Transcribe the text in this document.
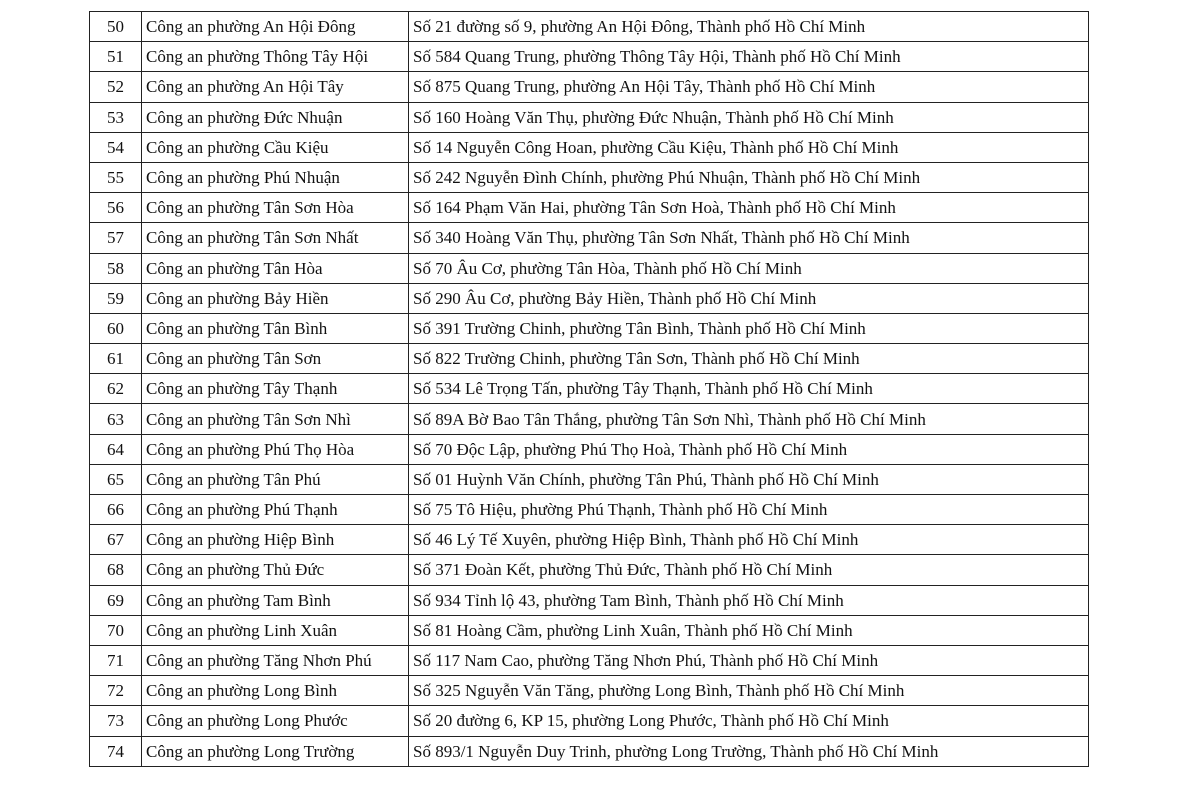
50	Công an phường An Hội Đông	Số 21 đường số 9, phường An Hội Đông, Thành phố Hồ Chí Minh
51	Công an phường Thông Tây Hội	Số 584 Quang Trung, phường Thông Tây Hội, Thành phố Hồ Chí Minh
52	Công an phường An Hội Tây	Số 875 Quang Trung, phường An Hội Tây, Thành phố Hồ Chí Minh
53	Công an phường Đức Nhuận	Số 160 Hoàng Văn Thụ, phường Đức Nhuận, Thành phố Hồ Chí Minh
54	Công an phường Cầu Kiệu	Số 14 Nguyễn Công Hoan, phường Cầu Kiệu, Thành phố Hồ Chí Minh
55	Công an phường Phú Nhuận	Số 242 Nguyễn Đình Chính, phường Phú Nhuận, Thành phố Hồ Chí Minh
56	Công an phường Tân Sơn Hòa	Số 164 Phạm Văn Hai, phường Tân Sơn Hoà, Thành phố Hồ Chí Minh
57	Công an phường Tân Sơn Nhất	Số 340 Hoàng Văn Thụ, phường Tân Sơn Nhất, Thành phố Hồ Chí Minh
58	Công an phường Tân Hòa	Số 70 Âu Cơ, phường Tân Hòa, Thành phố Hồ Chí Minh
59	Công an phường Bảy Hiền	Số 290 Âu Cơ, phường Bảy Hiền, Thành phố Hồ Chí Minh
60	Công an phường Tân Bình	Số 391 Trường Chinh, phường Tân Bình, Thành phố Hồ Chí Minh
61	Công an phường Tân Sơn	Số 822 Trường Chinh, phường Tân Sơn, Thành phố Hồ Chí Minh
62	Công an phường Tây Thạnh	Số 534 Lê Trọng Tấn, phường Tây Thạnh, Thành phố Hồ Chí Minh
63	Công an phường Tân Sơn Nhì	Số 89A Bờ Bao Tân Thắng, phường Tân Sơn Nhì, Thành phố Hồ Chí Minh
64	Công an phường Phú Thọ Hòa	Số 70 Độc Lập, phường Phú Thọ Hoà, Thành phố Hồ Chí Minh
65	Công an phường Tân Phú	Số 01 Huỳnh Văn Chính, phường Tân Phú, Thành phố Hồ Chí Minh
66	Công an phường Phú Thạnh	Số 75 Tô Hiệu, phường Phú Thạnh, Thành phố Hồ Chí Minh
67	Công an phường Hiệp Bình	Số 46 Lý Tế Xuyên, phường Hiệp Bình, Thành phố Hồ Chí Minh
68	Công an phường Thủ Đức	Số 371 Đoàn Kết, phường Thủ Đức, Thành phố Hồ Chí Minh
69	Công an phường Tam Bình	Số 934 Tỉnh lộ 43, phường Tam Bình, Thành phố Hồ Chí Minh
70	Công an phường Linh Xuân	Số 81 Hoàng Cầm, phường Linh Xuân, Thành phố Hồ Chí Minh
71	Công an phường Tăng Nhơn Phú	Số 117 Nam Cao, phường Tăng Nhơn Phú, Thành phố Hồ Chí Minh
72	Công an phường Long Bình	Số 325 Nguyễn Văn Tăng, phường Long Bình, Thành phố Hồ Chí Minh
73	Công an phường Long Phước	Số 20 đường 6, KP 15, phường Long Phước, Thành phố Hồ Chí Minh
74	Công an phường Long Trường	Số 893/1 Nguyễn Duy Trinh, phường Long Trường, Thành phố Hồ Chí Minh
